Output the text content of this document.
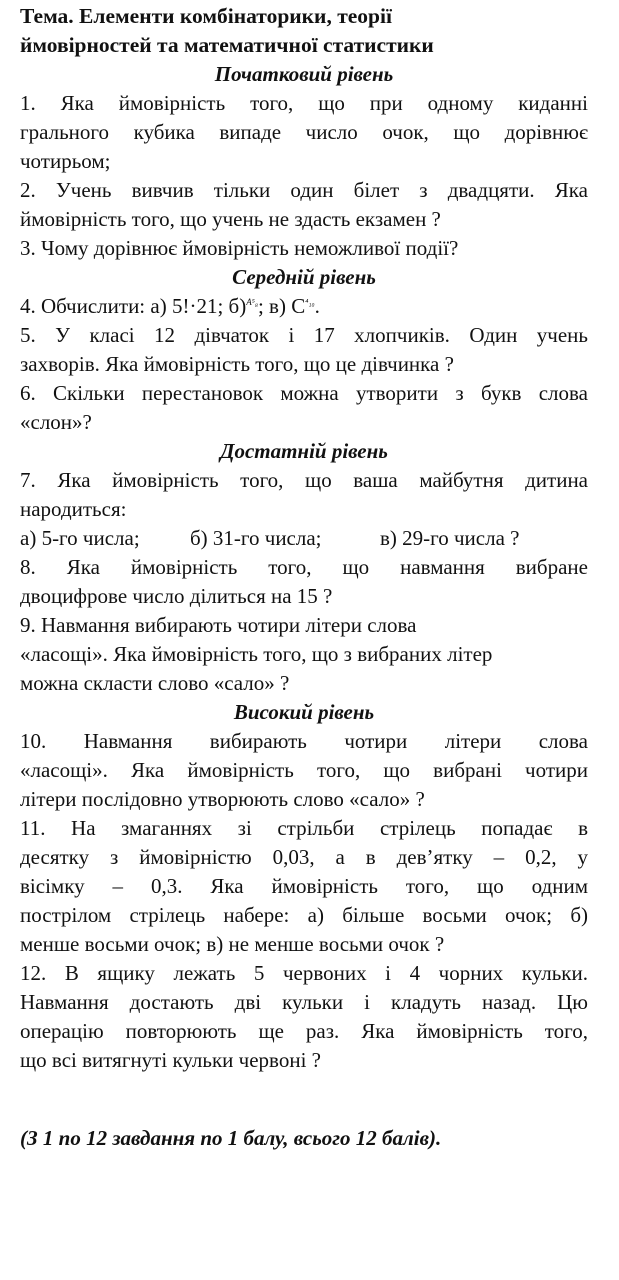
Тема. Елементи комбінаторики, теорії
ймовірностей та математичної статистики
Початковий рівень
1. Яка ймовірність того, що при одному киданні
грального кубика випаде число очок, що дорівнює
чотирьом;
2. Учень вивчив тільки один білет з двадцяти. Яка
ймовірність того, що учень не здасть екзамен ?
3. Чому дорівнює ймовірність неможливої події?
Середній рівень
4. Обчислити: а) 5!·21; б)A⁵₈; в) C⁴₁₀.
5. У класі 12 дівчаток і 17 хлопчиків. Один учень
захворів. Яка ймовірність того, що це дівчинка ?
6. Скільки перестановок можна утворити з букв слова
«слон»?
Достатній рівень
7. Яка ймовірність того, що ваша майбутня дитина
народиться:
а) 5-го числа;	б) 31-го числа;	в) 29-го числа ?
8. Яка ймовірність того, що навмання вибране
двоцифрове число ділиться на 15 ?
9. Навмання вибирають чотири літери слова
«ласощі». Яка ймовірність того, що з вибраних літер
можна скласти слово «сало» ?
Високий рівень
10. Навмання вибирають чотири літери слова
«ласощі». Яка ймовірність того, що вибрані чотири
літери послідовно утворюють слово «сало» ?
11. На змаганнях зі стрільби стрілець попадає в
десятку з ймовірністю 0,03, а в дев’ятку – 0,2, у
вісімку – 0,3. Яка ймовірність того, що одним
пострілом стрілець набере: а) більше восьми очок; б)
менше восьми очок; в) не менше восьми очок ?
12. В ящику лежать 5 червоних і 4 чорних кульки.
Навмання достають дві кульки і кладуть назад. Цю
операцію повторюють ще раз. Яка ймовірність того,
що всі витягнуті кульки червоні ?
(З 1 по 12 завдання по 1 балу, всього 12 балів).
